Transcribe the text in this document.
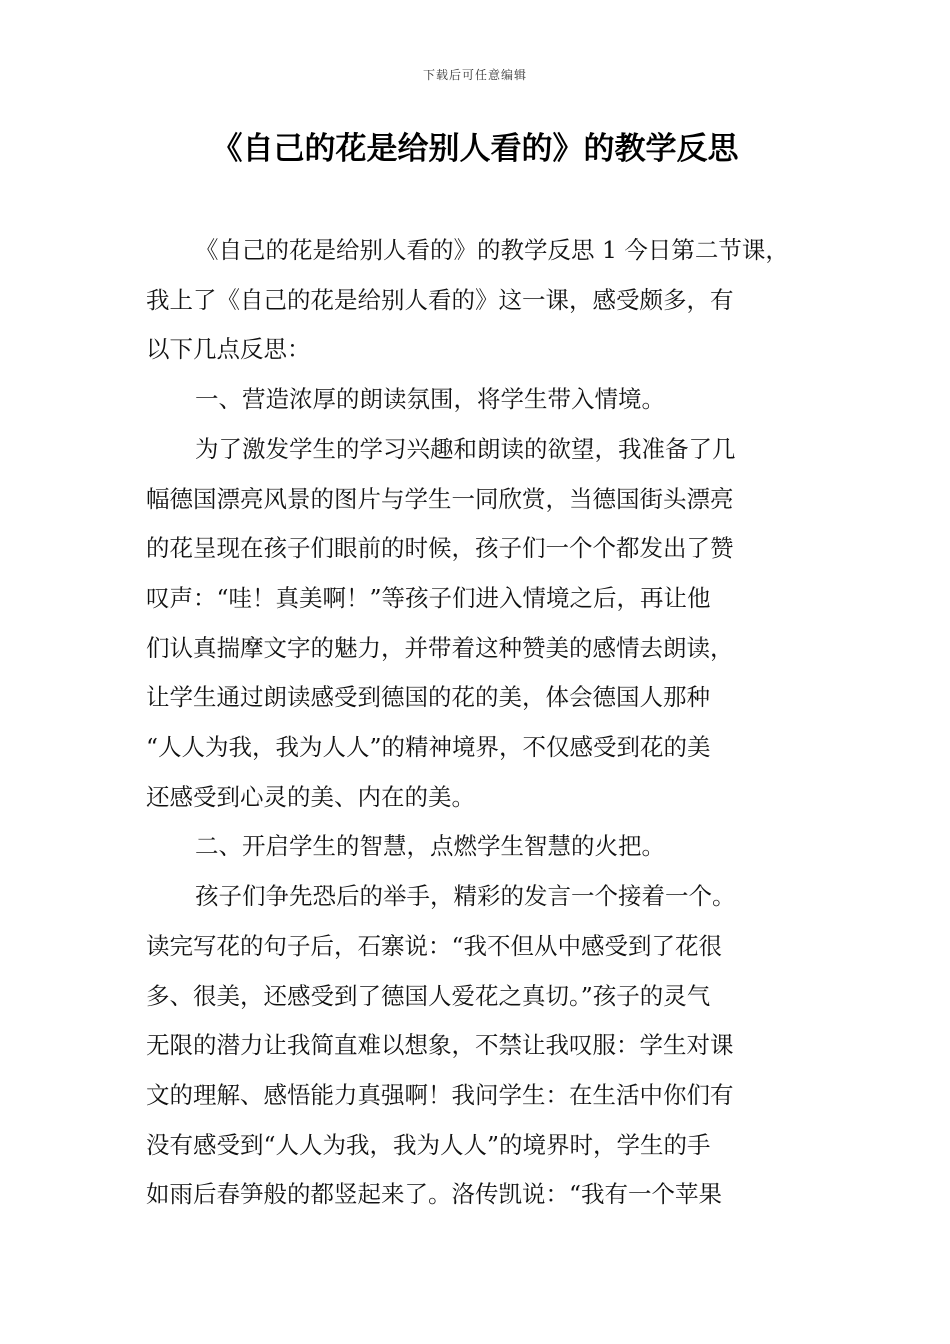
下载后可任意编辑
《自己的花是给别人看的》的教学反思
《自己的花是给别人看的》的教学反思 1 今日第二节课，
我上了《自己的花是给别人看的》这一课，感受颇多，有
以下几点反思：
一、营造浓厚的朗读氛围，将学生带入情境。
为了激发学生的学习兴趣和朗读的欲望，我准备了几
幅德国漂亮风景的图片与学生一同欣赏，当德国街头漂亮
的花呈现在孩子们眼前的时候，孩子们一个个都发出了赞
叹声：“哇！真美啊！”等孩子们进入情境之后，再让他
们认真揣摩文字的魅力，并带着这种赞美的感情去朗读，
让学生通过朗读感受到德国的花的美，体会德国人那种
“人人为我，我为人人”的精神境界，不仅感受到花的美
还感受到心灵的美、内在的美。
二、开启学生的智慧，点燃学生智慧的火把。
孩子们争先恐后的举手，精彩的发言一个接着一个。
读完写花的句子后，石寨说：“我不但从中感受到了花很
多、很美，还感受到了德国人爱花之真切。”孩子的灵气
无限的潜力让我简直难以想象，不禁让我叹服：学生对课
文的理解、感悟能力真强啊！我问学生：在生活中你们有
没有感受到“人人为我，我为人人”的境界时，学生的手
如雨后春笋般的都竖起来了。洛传凯说：“我有一个苹果
